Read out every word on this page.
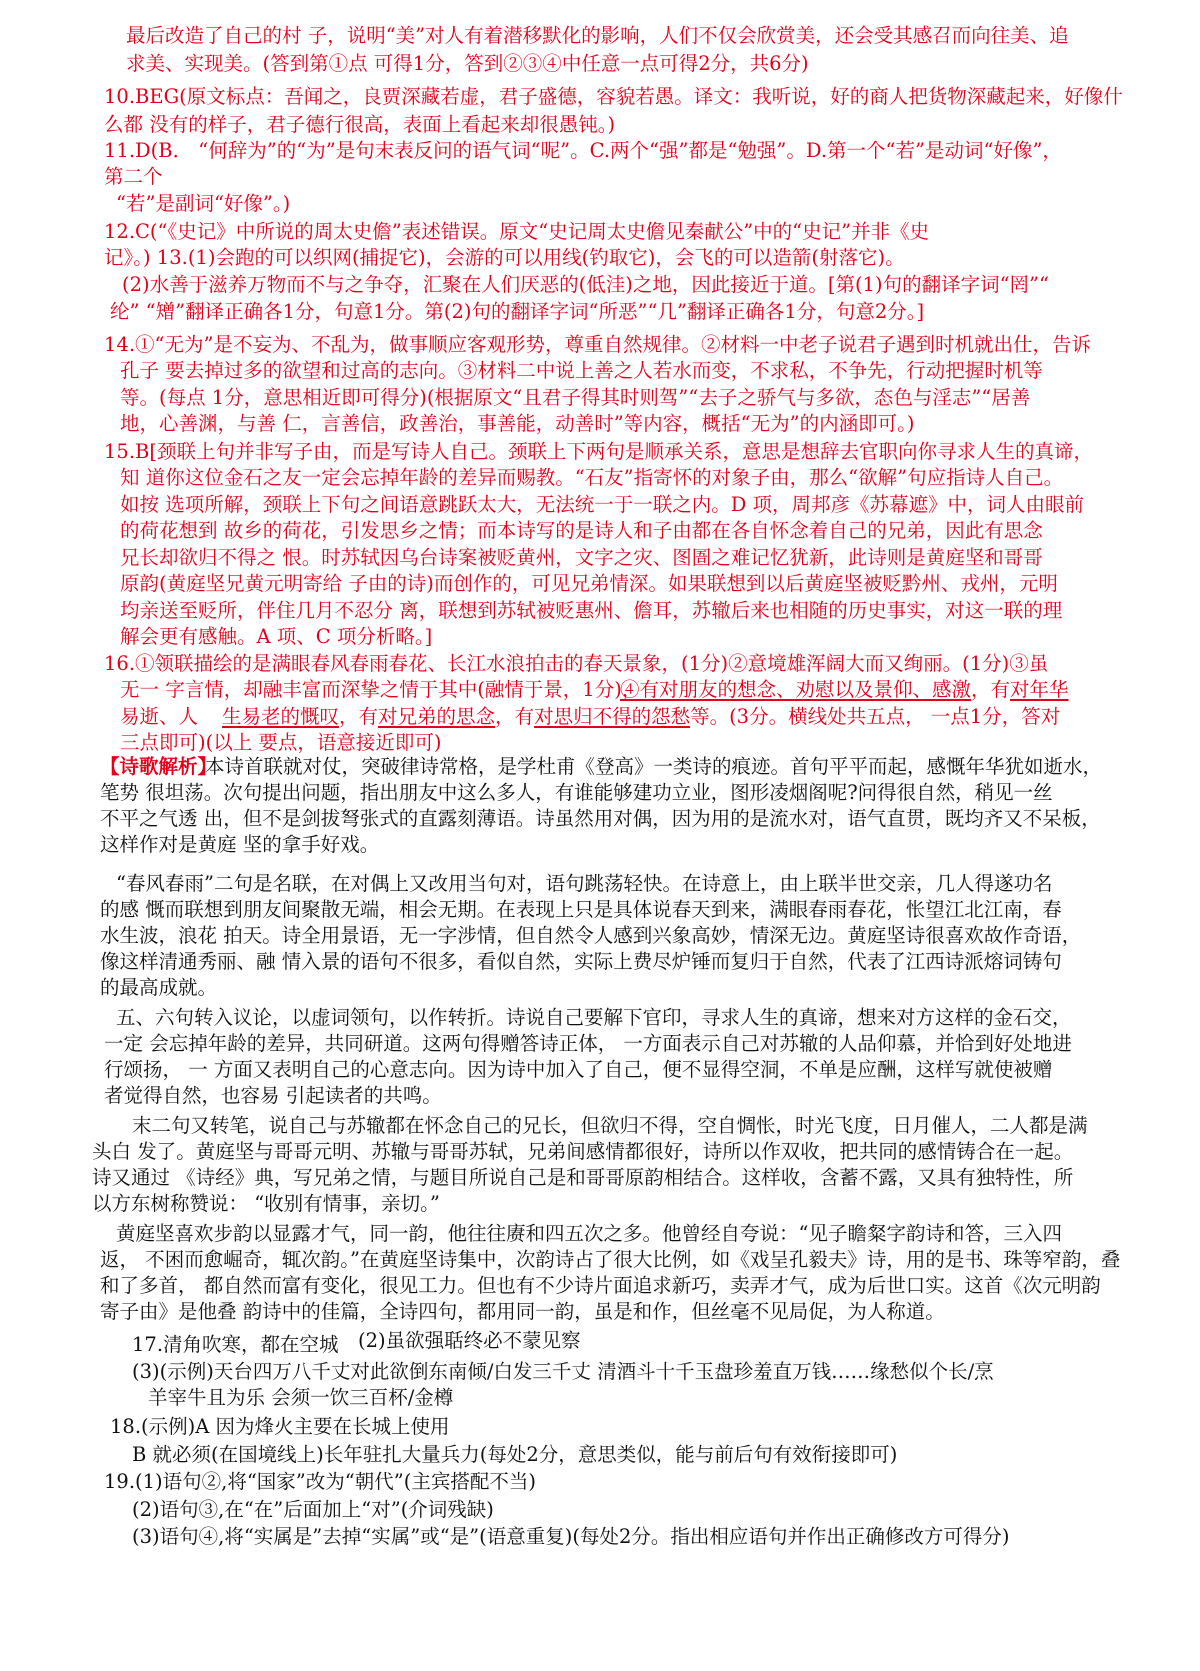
最后改造了自己的村 子，说明“美”对人有着潜移默化的影响，人们不仅会欣赏美，还会受其感召而向往美、追
求美、实现美。(答到第①点 可得1分，答到②③④中任意一点可得2分，共6分)
10.BEG(原文标点：吾闻之，良贾深藏若虚，君子盛德，容貌若愚。译文：我听说，好的商人把货物深藏起来，好像什
么都 没有的样子，君子德行很高，表面上看起来却很愚钝。)
11.D(B． “何辞为”的“为”是句末表反问的语气词“呢”。C.两个“强”都是“勉强”。D.第一个“若”是动词“好像”，
第二个
“若”是副词“好像”。)
12.C(“《史记》中所说的周太史儋”表述错误。原文“史记周太史儋见秦献公”中的“史记”并非《史
记》。) 13.(1)会跑的可以织网(捕捉它)，会游的可以用线(钓取它)，会飞的可以造箭(射落它)。
(2)水善于滋养万物而不与之争夺，汇聚在人们厌恶的(低洼)之地，因此接近于道。[第(1)句的翻译字词“罔”“
纶” “矰”翻译正确各1分，句意1分。第(2)句的翻译字词“所恶”“几”翻译正确各1分，句意2分。]
14.①“无为”是不妄为、不乱为，做事顺应客观形势，尊重自然规律。②材料一中老子说君子遇到时机就出仕，告诉
孔子 要去掉过多的欲望和过高的志向。③材料二中说上善之人若水而变，不求私，不争先，行动把握时机等
等。(每点 1分，意思相近即可得分)(根据原文“且君子得其时则驾”“去子之骄气与多欲，态色与淫志”“居善
地，心善渊，与善 仁，言善信，政善治，事善能，动善时”等内容，概括“无为”的内涵即可。)
15.B[颈联上句并非写子由，而是写诗人自己。颈联上下两句是顺承关系，意思是想辞去官职向你寻求人生的真谛，
知 道你这位金石之友一定会忘掉年龄的差异而赐教。“石友”指寄怀的对象子由，那么“欲解”句应指诗人自己。
如按 选项所解，颈联上下句之间语意跳跃太大，无法统一于一联之内。D 项，周邦彦《苏幕遮》中，词人由眼前
的荷花想到 故乡的荷花，引发思乡之情；而本诗写的是诗人和子由都在各自怀念着自己的兄弟，因此有思念
兄长却欲归不得之 恨。时苏轼因乌台诗案被贬黄州，文字之灾、图圄之难记忆犹新，此诗则是黄庭坚和哥哥
原韵(黄庭坚兄黄元明寄给 子由的诗)而创作的，可见兄弟情深。如果联想到以后黄庭坚被贬黔州、戎州，元明
均亲送至贬所，伴住几月不忍分 离，联想到苏轼被贬惠州、儋耳，苏辙后来也相随的历史事实，对这一联的理
解会更有感触。A 项、C 项分析略。]
16.①领联描绘的是满眼春风春雨春花、长江水浪拍击的春天景象，(1分)②意境雄浑阔大而又绚丽。(1分)③虽
无一 字言情，却融丰富而深挚之情于其中(融情于景，1分)，
易逝、人
三点即可)(以上 要点，语意接近即可)
本诗首联就对仗，突破律诗常格，是学杜甫《登高》一类诗的痕迹。首句平平而起，感慨年华犹如逝水，
笔势 很坦荡。次句提出问题，指出朋友中这么多人，有谁能够建功立业，图形凌烟阁呢?问得很自然，稍见一丝
不平之气透 出，但不是剑拔弩张式的直露刻薄语。诗虽然用对偶，因为用的是流水对，语气直贯，既均齐又不呆板，
这样作对是黄庭 坚的拿手好戏。
“春风春雨”二句是名联，在对偶上又改用当句对，语句跳荡轻快。在诗意上，由上联半世交亲，几人得遂功名
的感 慨而联想到朋友间聚散无端，相会无期。在表现上只是具体说春天到来，满眼春雨春花，怅望江北江南，春
水生波，浪花 拍天。诗全用景语，无一字涉情，但自然令人感到兴象高妙，情深无边。黄庭坚诗很喜欢故作奇语，
像这样清通秀丽、融 情入景的语句不很多，看似自然，实际上费尽炉锤而复归于自然，代表了江西诗派熔词铸句
的最高成就。
五、六句转入议论，以虚词领句，以作转折。诗说自己要解下官印，寻求人生的真谛，想来对方这样的金石交，
一定 会忘掉年龄的差异，共同研道。这两句得赠答诗正体， 一方面表示自己对苏辙的人品仰慕，并恰到好处地进
行颂扬， 一 方面又表明自己的心意志向。因为诗中加入了自己，便不显得空洞，不单是应酬，这样写就使被赠
者觉得自然，也容易 引起读者的共鸣。
末二句又转笔，说自己与苏辙都在怀念自己的兄长，但欲归不得，空自惆怅，时光飞度，日月催人，二人都是满
头白 发了。黄庭坚与哥哥元明、苏辙与哥哥苏轼，兄弟间感情都很好，诗所以作双收，把共同的感情铸合在一起。
诗又通过 《诗经》典，写兄弟之情，与题目所说自己是和哥哥原韵相结合。这样收，含蓄不露，又具有独特性，所
以方东树称赞说： “收别有情事，亲切。”
黄庭坚喜欢步韵以显露才气，同一韵，他往往赓和四五次之多。他曾经自夸说：“见子瞻粲字韵诗和答，三入四
返， 不困而愈崛奇，辄次韵。”在黄庭坚诗集中，次韵诗占了很大比例，如《戏呈孔毅夫》诗，用的是书、珠等窄韵，叠
和了多首， 都自然而富有变化，很见工力。但也有不少诗片面追求新巧，卖弄才气，成为后世口实。这首《次元明韵
寄子由》是他叠 韵诗中的佳篇，全诗四句，都用同一韵，虽是和作，但丝毫不见局促，为人称道。
17.清角吹寒，都在空城 (2)虽欲强聒终必不蒙见察
(3)(示例)天台四万八千丈对此欲倒东南倾/白发三千丈 清酒斗十千玉盘珍羞直万钱……缘愁似个长/烹
羊宰牛且为乐 会须一饮三百杯/金樽
18.(示例)A 因为烽火主要在长城上使用
B 就必须(在国境线上)长年驻扎大量兵力(每处2分，意思类似，能与前后句有效衔接即可)
19.(1)语句②,将“国家”改为“朝代”(主宾搭配不当)
(2)语句③,在“在”后面加上“对”(介词残缺)
(3)语句④,将“实属是”去掉“实属”或“是”(语意重复)(每处2分。指出相应语句并作出正确修改方可得分)
④有对朋友的想念、劝慰以及景仰、感激，有对年华
生易老的慨叹，有对兄弟的思念，有对思归不得的怨愁等。(3分。横线处共五点， 一点1分，答对
【诗歌解析】
